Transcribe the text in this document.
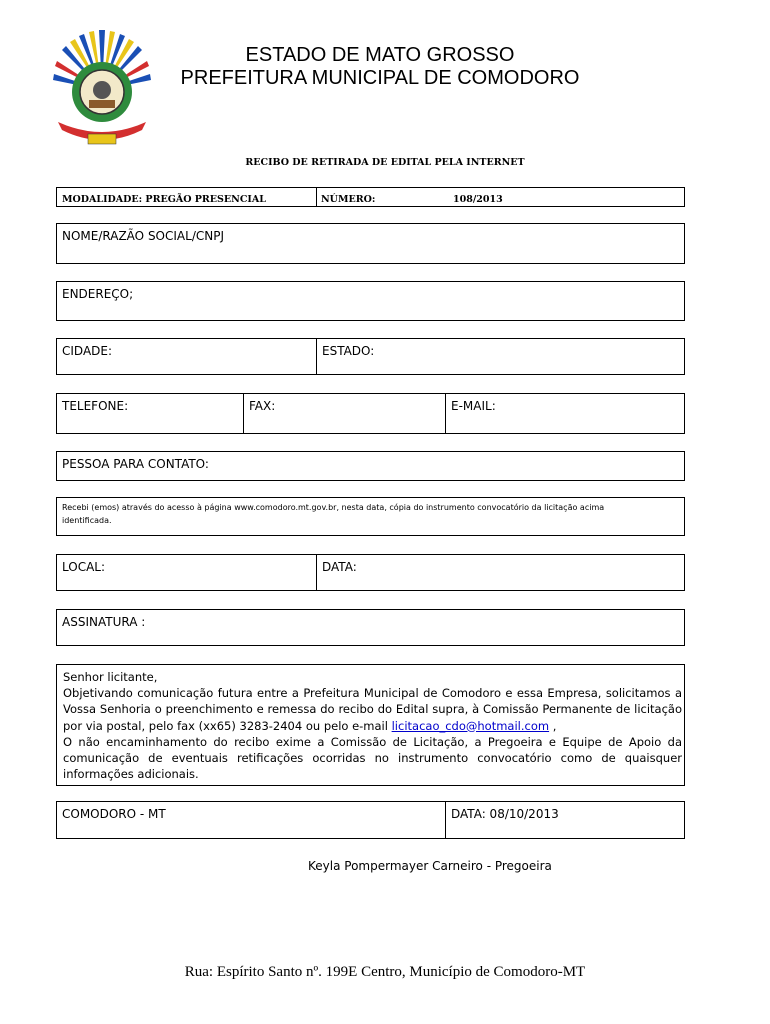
ESTADO DE MATO GROSSO
PREFEITURA MUNICIPAL DE COMODORO
RECIBO DE RETIRADA DE EDITAL PELA INTERNET
MODALIDADE: PREGÃO PRESENCIAL	NÚMERO:	108/2013
NOME/RAZÃO SOCIAL/CNPJ
ENDEREÇO;
CIDADE:	ESTADO:
TELEFONE:	FAX:	E-MAIL:
PESSOA PARA CONTATO:
Recebi (emos) através do acesso à página www.comodoro.mt.gov.br, nesta data, cópia do instrumento convocatório da licitação acima identificada.
LOCAL:	DATA:
ASSINATURA :
Senhor licitante,
Objetivando comunicação futura entre a Prefeitura Municipal de Comodoro e essa Empresa, solicitamos a Vossa Senhoria o preenchimento e remessa do recibo do Edital supra, à Comissão Permanente de licitação por via postal, pelo fax (xx65) 3283-2404 ou pelo e-mail licitacao_cdo@hotmail.com ,
O não encaminhamento do recibo exime a Comissão de Licitação, a Pregoeira e Equipe de Apoio da comunicação de eventuais retificações ocorridas no instrumento convocatório como de quaisquer informações adicionais.
COMODORO - MT	DATA: 08/10/2013
Keyla Pompermayer Carneiro - Pregoeira
Rua: Espírito Santo nº. 199E Centro, Município de Comodoro-MT
